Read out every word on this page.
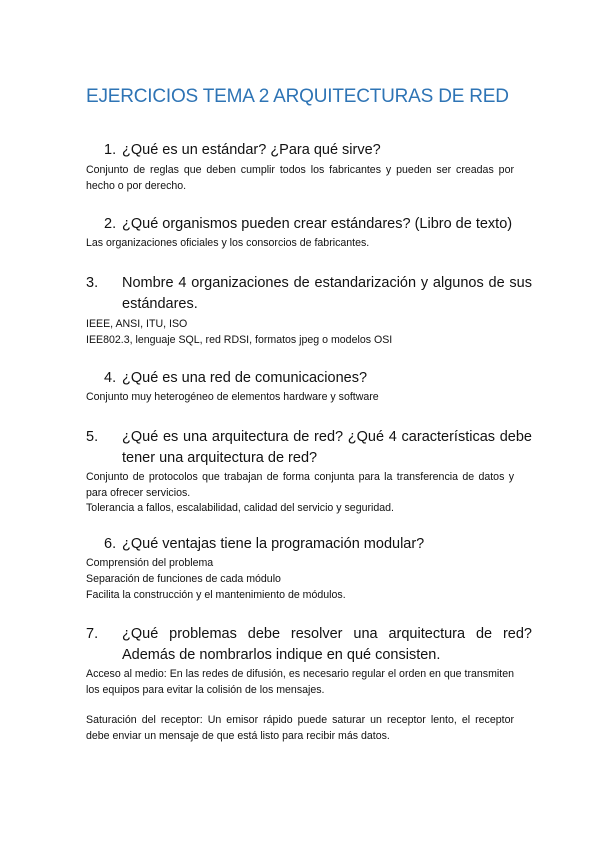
EJERCICIOS TEMA 2 ARQUITECTURAS DE RED
1. ¿Qué es un estándar? ¿Para qué sirve?
Conjunto de reglas que deben cumplir todos los fabricantes y pueden ser creadas por hecho o por derecho.
2. ¿Qué organismos pueden crear estándares? (Libro de texto)
Las organizaciones oficiales y los consorcios de fabricantes.
3. Nombre 4 organizaciones de estandarización y algunos de sus estándares.
IEEE, ANSI, ITU, ISO
IEE802.3, lenguaje SQL, red RDSI, formatos jpeg o modelos OSI
4. ¿Qué es una red de comunicaciones?
Conjunto muy heterogéneo de elementos hardware y software
5. ¿Qué es una arquitectura de red? ¿Qué 4 características debe tener una arquitectura de red?
Conjunto de protocolos que trabajan de forma conjunta para la transferencia de datos y para ofrecer servicios.
Tolerancia a fallos, escalabilidad, calidad del servicio y seguridad.
6. ¿Qué ventajas tiene la programación modular?
Comprensión del problema
Separación de funciones de cada módulo
Facilita la construcción y el mantenimiento de módulos.
7. ¿Qué problemas debe resolver una arquitectura de red? Además de nombrarlos indique en qué consisten.
Acceso al medio: En las redes de difusión, es necesario regular el orden en que transmiten los equipos para evitar la colisión de los mensajes.
Saturación del receptor: Un emisor rápido puede saturar un receptor lento, el receptor debe enviar un mensaje de que está listo para recibir más datos.
